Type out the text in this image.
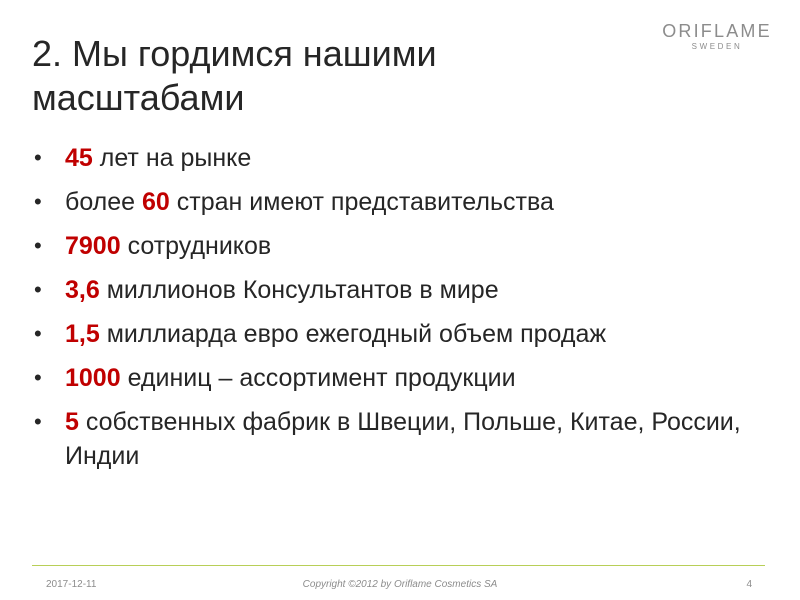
2. Мы гордимся нашими масштабами
ORIFLAME
SWEDEN
• 45 лет на рынке
• более 60 стран имеют представительства
• 7900 сотрудников
• 3,6 миллионов Консультантов в мире
• 1,5 миллиарда евро ежегодный объем продаж
• 1000 единиц – ассортимент продукции
• 5 собственных фабрик в Швеции, Польше, Китае, России, Индии
2017-12-11	Copyright ©2012 by Oriflame Cosmetics SA	4
